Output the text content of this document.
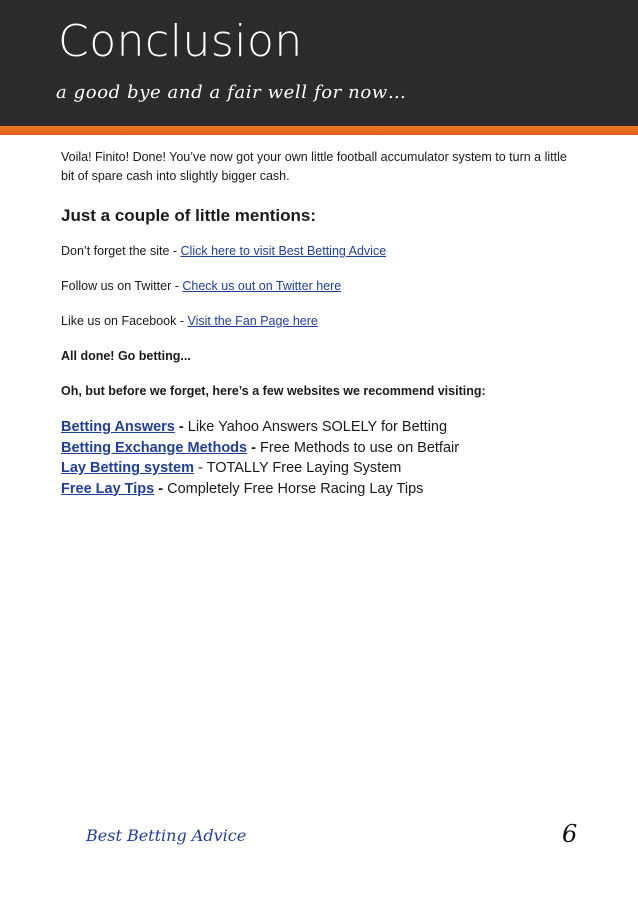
Conclusion
a good bye and a fair well for now…

Voila! Finito! Done! You’ve now got your own little football accumulator system to turn a little bit of spare cash into slightly bigger cash.

Just a couple of little mentions:

Don’t forget the site - Click here to visit Best Betting Advice

Follow us on Twitter - Check us out on Twitter here

Like us on Facebook - Visit the Fan Page here

All done! Go betting...

Oh, but before we forget, here’s a few websites we recommend visiting:

Betting Answers - Like Yahoo Answers SOLELY for Betting
Betting Exchange Methods - Free Methods to use on Betfair
Lay Betting system - TOTALLY Free Laying System
Free Lay Tips - Completely Free Horse Racing Lay Tips
Best Betting Advice	6
